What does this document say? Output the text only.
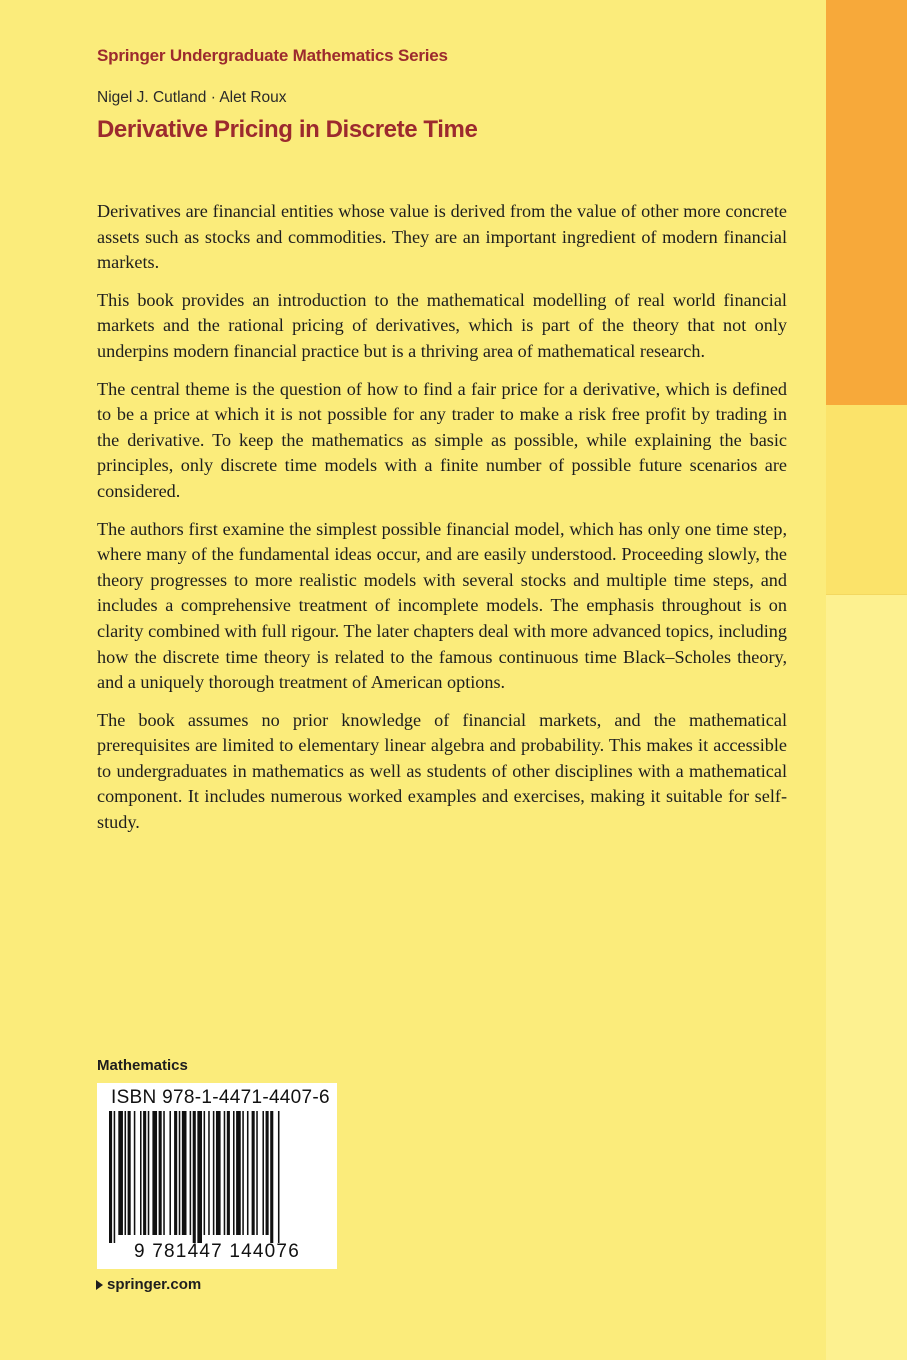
Springer Undergraduate Mathematics Series
Nigel J. Cutland · Alet Roux
Derivative Pricing in Discrete Time

Derivatives are financial entities whose value is derived from the value of other more concrete assets such as stocks and commodities. They are an important ingredient of modern financial markets.

This book provides an introduction to the mathematical modelling of real world financial markets and the rational pricing of derivatives, which is part of the theory that not only underpins modern financial practice but is a thriving area of mathematical research.

The central theme is the question of how to find a fair price for a derivative, which is defined to be a price at which it is not possible for any trader to make a risk free profit by trading in the derivative. To keep the mathematics as simple as possible, while explaining the basic principles, only discrete time models with a finite number of possible future scenarios are considered.

The authors first examine the simplest possible financial model, which has only one time step, where many of the fundamental ideas occur, and are easily understood. Proceeding slowly, the theory progresses to more realistic models with several stocks and multiple time steps, and includes a comprehensive treatment of incomplete models. The emphasis throughout is on clarity combined with full rigour. The later chapters deal with more advanced topics, including how the discrete time theory is related to the famous continuous time Black–Scholes theory, and a uniquely thorough treatment of American options.

The book assumes no prior knowledge of financial markets, and the mathematical prerequisites are limited to elementary linear algebra and probability. This makes it accessible to undergraduates in mathematics as well as students of other disciplines with a mathematical component. It includes numerous worked examples and exercises, making it suitable for self-study.

Mathematics
ISBN 978-1-4471-4407-6
9 781447 144076
springer.com
